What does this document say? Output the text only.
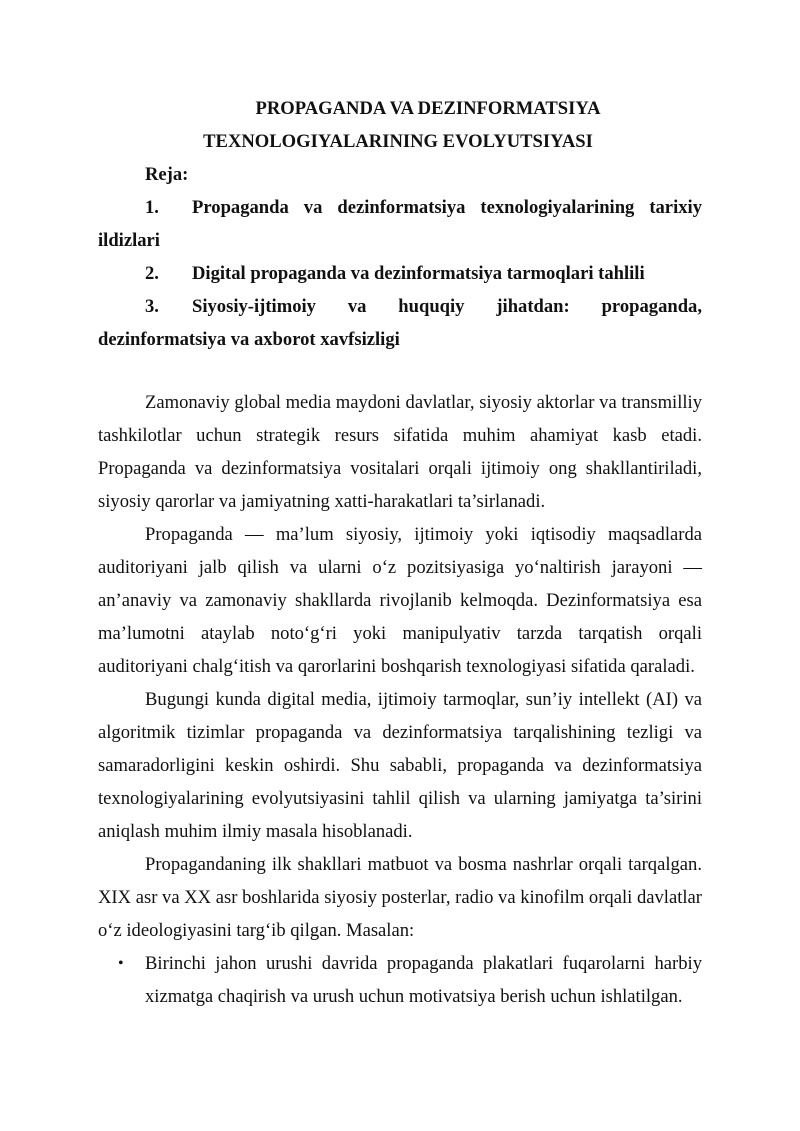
PROPAGANDA VA DEZINFORMATSIYA
TEXNOLOGIYALARINING EVOLYUTSIYASI

Reja:

1. Propaganda va dezinformatsiya texnologiyalarining tarixiy ildizlari

2. Digital propaganda va dezinformatsiya tarmoqlari tahlili

3. Siyosiy-ijtimoiy va huquqiy jihatdan: propaganda, dezinformatsiya va axborot xavfsizligi

Zamonaviy global media maydoni davlatlar, siyosiy aktorlar va transmilliy tashkilotlar uchun strategik resurs sifatida muhim ahamiyat kasb etadi. Propaganda va dezinformatsiya vositalari orqali ijtimoiy ong shakllantiriladi, siyosiy qarorlar va jamiyatning xatti-harakatlari ta’sirlanadi.

Propaganda — ma’lum siyosiy, ijtimoiy yoki iqtisodiy maqsadlarda auditoriyani jalb qilish va ularni o‘z pozitsiyasiga yo‘naltirish jarayoni — an’anaviy va zamonaviy shakllarda rivojlanib kelmoqda. Dezinformatsiya esa ma’lumotni ataylab noto‘g‘ri yoki manipulyativ tarzda tarqatish orqali auditoriyani chalg‘itish va qarorlarini boshqarish texnologiyasi sifatida qaraladi.

Bugungi kunda digital media, ijtimoiy tarmoqlar, sun’iy intellekt (AI) va algoritmik tizimlar propaganda va dezinformatsiya tarqalishining tezligi va samaradorligini keskin oshirdi. Shu sababli, propaganda va dezinformatsiya texnologiyalarining evolyutsiyasini tahlil qilish va ularning jamiyatga ta’sirini aniqlash muhim ilmiy masala hisoblanadi.

Propagandaning ilk shakllari matbuot va bosma nashrlar orqali tarqalgan. XIX asr va XX asr boshlarida siyosiy posterlar, radio va kinofilm orqali davlatlar o‘z ideologiyasini targ‘ib qilgan. Masalan:

• Birinchi jahon urushi davrida propaganda plakatlari fuqarolarni harbiy xizmatga chaqirish va urush uchun motivatsiya berish uchun ishlatilgan.
